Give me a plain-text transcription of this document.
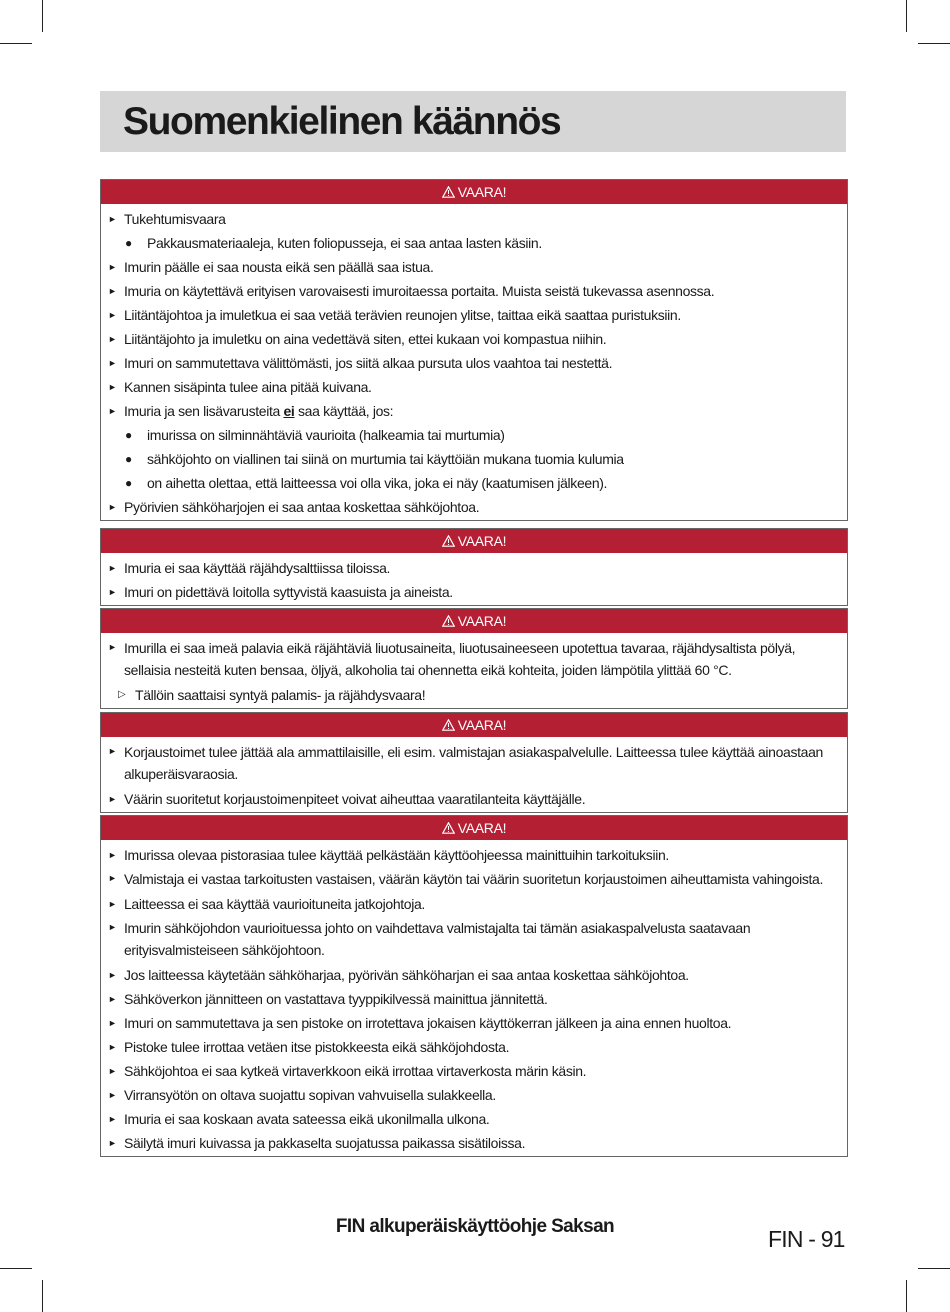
Suomenkielinen käännös
VAARA!
► Tukehtumisvaara
●	Pakkausmateriaaleja, kuten foliopusseja, ei saa antaa lasten käsiin.
► Imurin päälle ei saa nousta eikä sen päällä saa istua.
► Imuria on käytettävä erityisen varovaisesti imuroitaessa portaita. Muista seistä tukevassa asennossa.
► Liitäntäjohtoa ja imuletkua ei saa vetää terävien reunojen ylitse, taittaa eikä saattaa puristuksiin.
► Liitäntäjohto ja imuletku on aina vedettävä siten, ettei kukaan voi kompastua niihin.
► Imuri on sammutettava välittömästi, jos siitä alkaa pursuta ulos vaahtoa tai nestettä.
► Kannen sisäpinta tulee aina pitää kuivana.
► Imuria ja sen lisävarusteita ei saa käyttää, jos:
●	imurissa on silminnähtäviä vaurioita (halkeamia tai murtumia)
●	sähköjohto on viallinen tai siinä on murtumia tai käyttöiän mukana tuomia kulumia
●	on aihetta olettaa, että laitteessa voi olla vika, joka ei näy (kaatumisen jälkeen).
► Pyörivien sähköharjojen ei saa antaa koskettaa sähköjohtoa.
VAARA!
► Imuria ei saa käyttää räjähdysalttiissa tiloissa.
► Imuri on pidettävä loitolla syttyvistä kaasuista ja aineista.
VAARA!
► Imurilla ei saa imeä palavia eikä räjähtäviä liuotusaineita, liuotusaineeseen upotettua tavaraa, räjähdysaltista pölyä, sellaisia nesteitä kuten bensaa, öljyä, alkoholia tai ohennetta eikä kohteita, joiden lämpötila ylittää 60 °C.
▷ Tällöin saattaisi syntyä palamis- ja räjähdysvaara!
VAARA!
► Korjaustoimet tulee jättää ala ammattilaisille, eli esim. valmistajan asiakaspalvelulle. Laitteessa tulee käyttää ainoastaan alkuperäisvaraosia.
► Väärin suoritetut korjaustoimenpiteet voivat aiheuttaa vaaratilanteita käyttäjälle.
VAARA!
► Imurissa olevaa pistorasiaa tulee käyttää pelkästään käyttöohjeessa mainittuihin tarkoituksiin.
► Valmistaja ei vastaa tarkoitusten vastaisen, väärän käytön tai väärin suoritetun korjaustoimen aiheuttamista vahingoista.
► Laitteessa ei saa käyttää vaurioituneita jatkojohtoja.
► Imurin sähköjohdon vaurioituessa johto on vaihdettava valmistajalta tai tämän asiakaspalvelusta saatavaan erityisvalmisteiseen sähköjohtoon.
► Jos laitteessa käytetään sähköharjaa, pyörivän sähköharjan ei saa antaa koskettaa sähköjohtoa.
► Sähköverkon jännitteen on vastattava tyyppikilvessä mainittua jännitettä.
► Imuri on sammutettava ja sen pistoke on irrotettava jokaisen käyttökerran jälkeen ja aina ennen huoltoa.
► Pistoke tulee irrottaa vetäen itse pistokkeesta eikä sähköjohdosta.
► Sähköjohtoa ei saa kytkeä virtaverkkoon eikä irrottaa virtaverkosta märin käsin.
► Virransyötön on oltava suojattu sopivan vahvuisella sulakkeella.
► Imuria ei saa koskaan avata sateessa eikä ukonilmalla ulkona.
► Säilytä imuri kuivassa ja pakkaselta suojatussa paikassa sisätiloissa.
FIN alkuperäiskäyttöohje Saksan	FIN - 91
